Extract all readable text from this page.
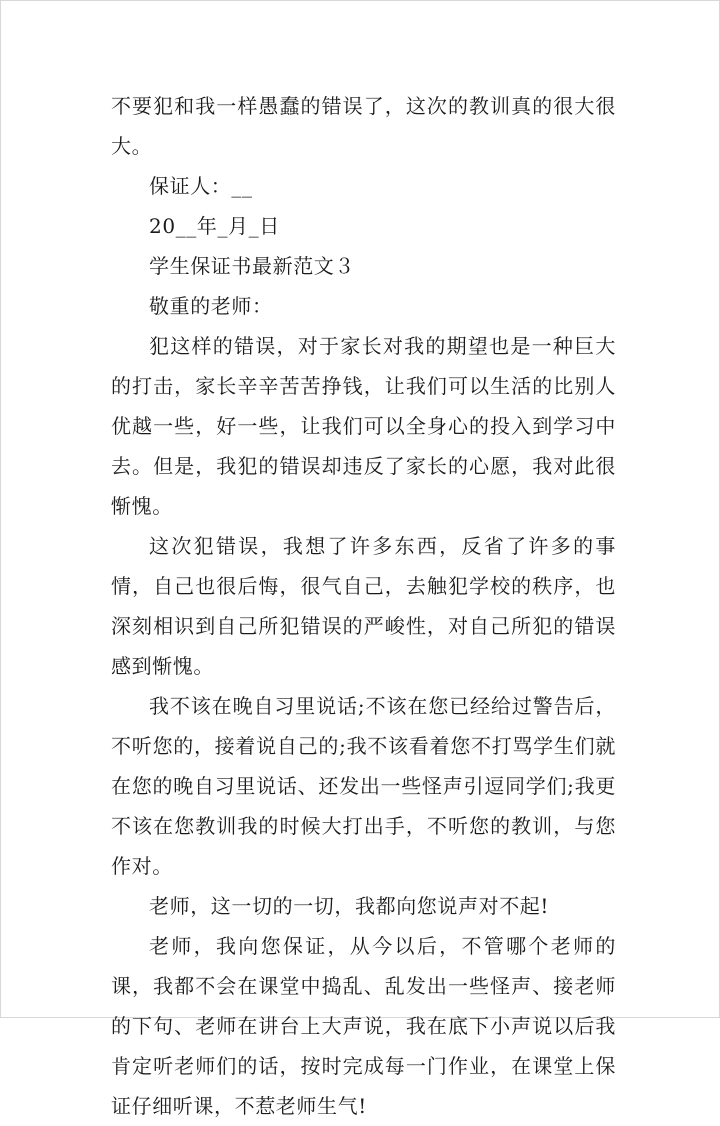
不要犯和我一样愚蠢的错误了，这次的教训真的很大很大。

保证人：__

20__年_月_日

学生保证书最新范文３

敬重的老师：

犯这样的错误，对于家长对我的期望也是一种巨大的打击，家长辛辛苦苦挣钱，让我们可以生活的比别人优越一些，好一些，让我们可以全身心的投入到学习中去。但是，我犯的错误却违反了家长的心愿，我对此很惭愧。

这次犯错误，我想了许多东西，反省了许多的事情，自己也很后悔，很气自己，去触犯学校的秩序，也深刻相识到自己所犯错误的严峻性，对自己所犯的错误感到惭愧。

我不该在晚自习里说话;不该在您已经给过警告后，不听您的，接着说自己的;我不该看着您不打骂学生们就在您的晚自习里说话、还发出一些怪声引逗同学们;我更不该在您教训我的时候大打出手，不听您的教训，与您作对。

老师，这一切的一切，我都向您说声对不起!

老师，我向您保证，从今以后，不管哪个老师的课，我都不会在课堂中捣乱、乱发出一些怪声、接老师的下句、老师在讲台上大声说，我在底下小声说以后我肯定听老师们的话，按时完成每一门作业，在课堂上保证仔细听课，不惹老师生气!
